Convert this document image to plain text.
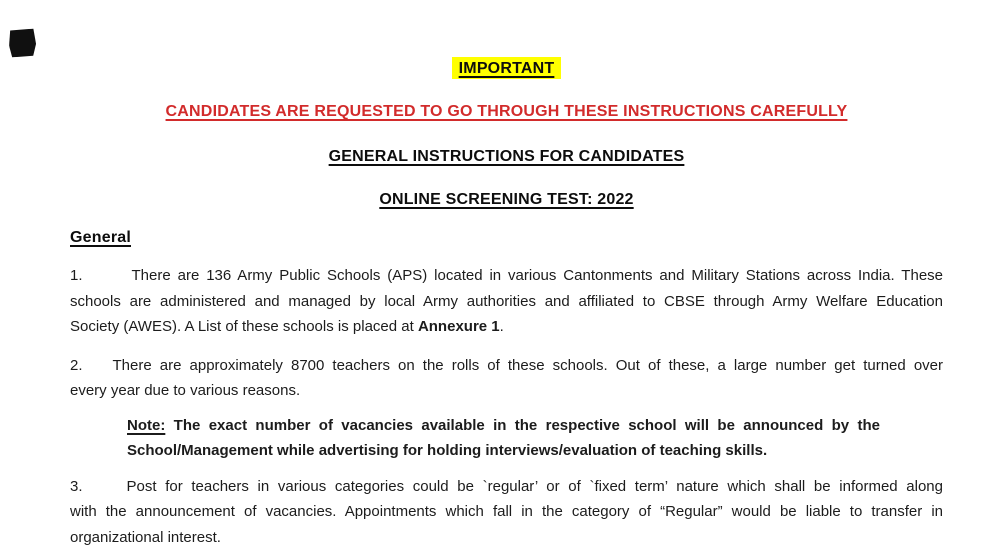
IMPORTANT
CANDIDATES ARE REQUESTED TO GO THROUGH THESE INSTRUCTIONS CAREFULLY
GENERAL INSTRUCTIONS FOR CANDIDATES
ONLINE SCREENING TEST: 2022
General
1.	There are 136 Army Public Schools (APS) located in various Cantonments and Military Stations across India. These
schools are administered and managed by local Army authorities and affiliated to CBSE through Army Welfare Education
Society (AWES). A List of these schools is placed at Annexure 1.
2. There are approximately 8700 teachers on the rolls of these schools. Out of these, a large number get turned over
every year due to various reasons.
Note: The exact number of vacancies available in the respective school will be announced by the
School/Management while advertising for holding interviews/evaluation of teaching skills.
3.	Post for teachers in various categories could be `regular’ or of `fixed term’ nature which shall be informed along
with the announcement of vacancies. Appointments which fall in the category of “Regular” would be liable to transfer in
organizational interest.
